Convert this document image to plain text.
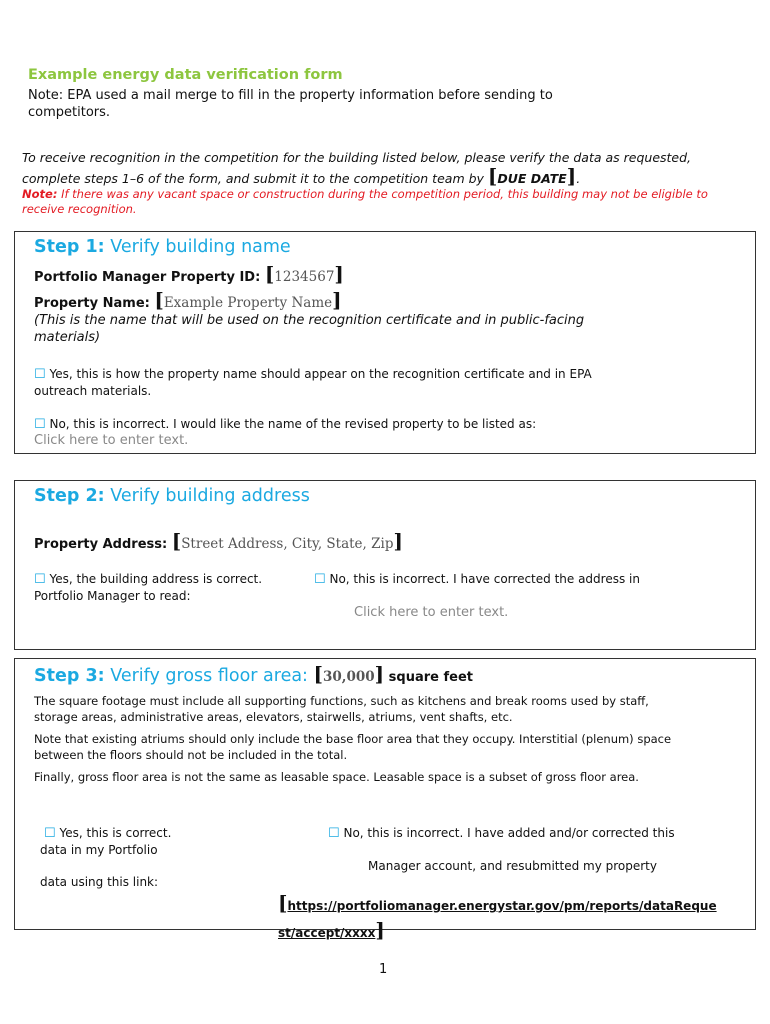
Example energy data verification form
Note: EPA used a mail merge to fill in the property information before sending to competitors.
To receive recognition in the competition for the building listed below, please verify the data as requested, complete steps 1–6 of the form, and submit it to the competition team by [DUE DATE].
Note: If there was any vacant space or construction during the competition period, this building may not be eligible to receive recognition.
Step 1: Verify building name
Portfolio Manager Property ID: [1234567]
Property Name: [Example Property Name]
(This is the name that will be used on the recognition certificate and in public-facing materials)
☐ Yes, this is how the property name should appear on the recognition certificate and in EPA outreach materials.
☐ No, this is incorrect. I would like the name of the revised property to be listed as:
Click here to enter text.
Step 2: Verify building address
Property Address: [Street Address, City, State, Zip]
☐ Yes, the building address is correct.	☐ No, this is incorrect. I have corrected the address in
Portfolio Manager to read:
Click here to enter text.
Step 3: Verify gross floor area: [30,000] square feet
The square footage must include all supporting functions, such as kitchens and break rooms used by staff, storage areas, administrative areas, elevators, stairwells, atriums, vent shafts, etc.
Note that existing atriums should only include the base floor area that they occupy. Interstitial (plenum) space between the floors should not be included in the total.
Finally, gross floor area is not the same as leasable space. Leasable space is a subset of gross floor area.
☐ Yes, this is correct.	☐ No, this is incorrect. I have added and/or corrected this
data in my Portfolio
Manager account, and resubmitted my property
data using this link:
[https://portfoliomanager.energystar.gov/pm/reports/dataReque
st/accept/xxxx]
1
